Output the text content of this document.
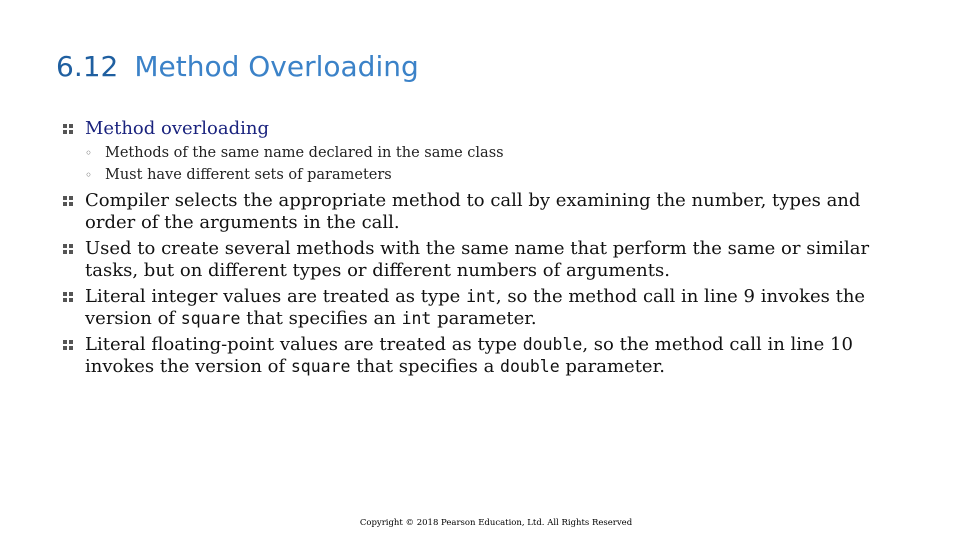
6.12 Method Overloading
Method overloading
◦ Methods of the same name declared in the same class
◦ Must have different sets of parameters
Compiler selects the appropriate method to call by examining the number, types and order of the arguments in the call.
Used to create several methods with the same name that perform the same or similar tasks, but on different types or different numbers of arguments.
Literal integer values are treated as type int, so the method call in line 9 invokes the version of square that specifies an int parameter.
Literal floating-point values are treated as type double, so the method call in line 10 invokes the version of square that specifies a double parameter.
Copyright © 2018 Pearson Education, Ltd. All Rights Reserved
